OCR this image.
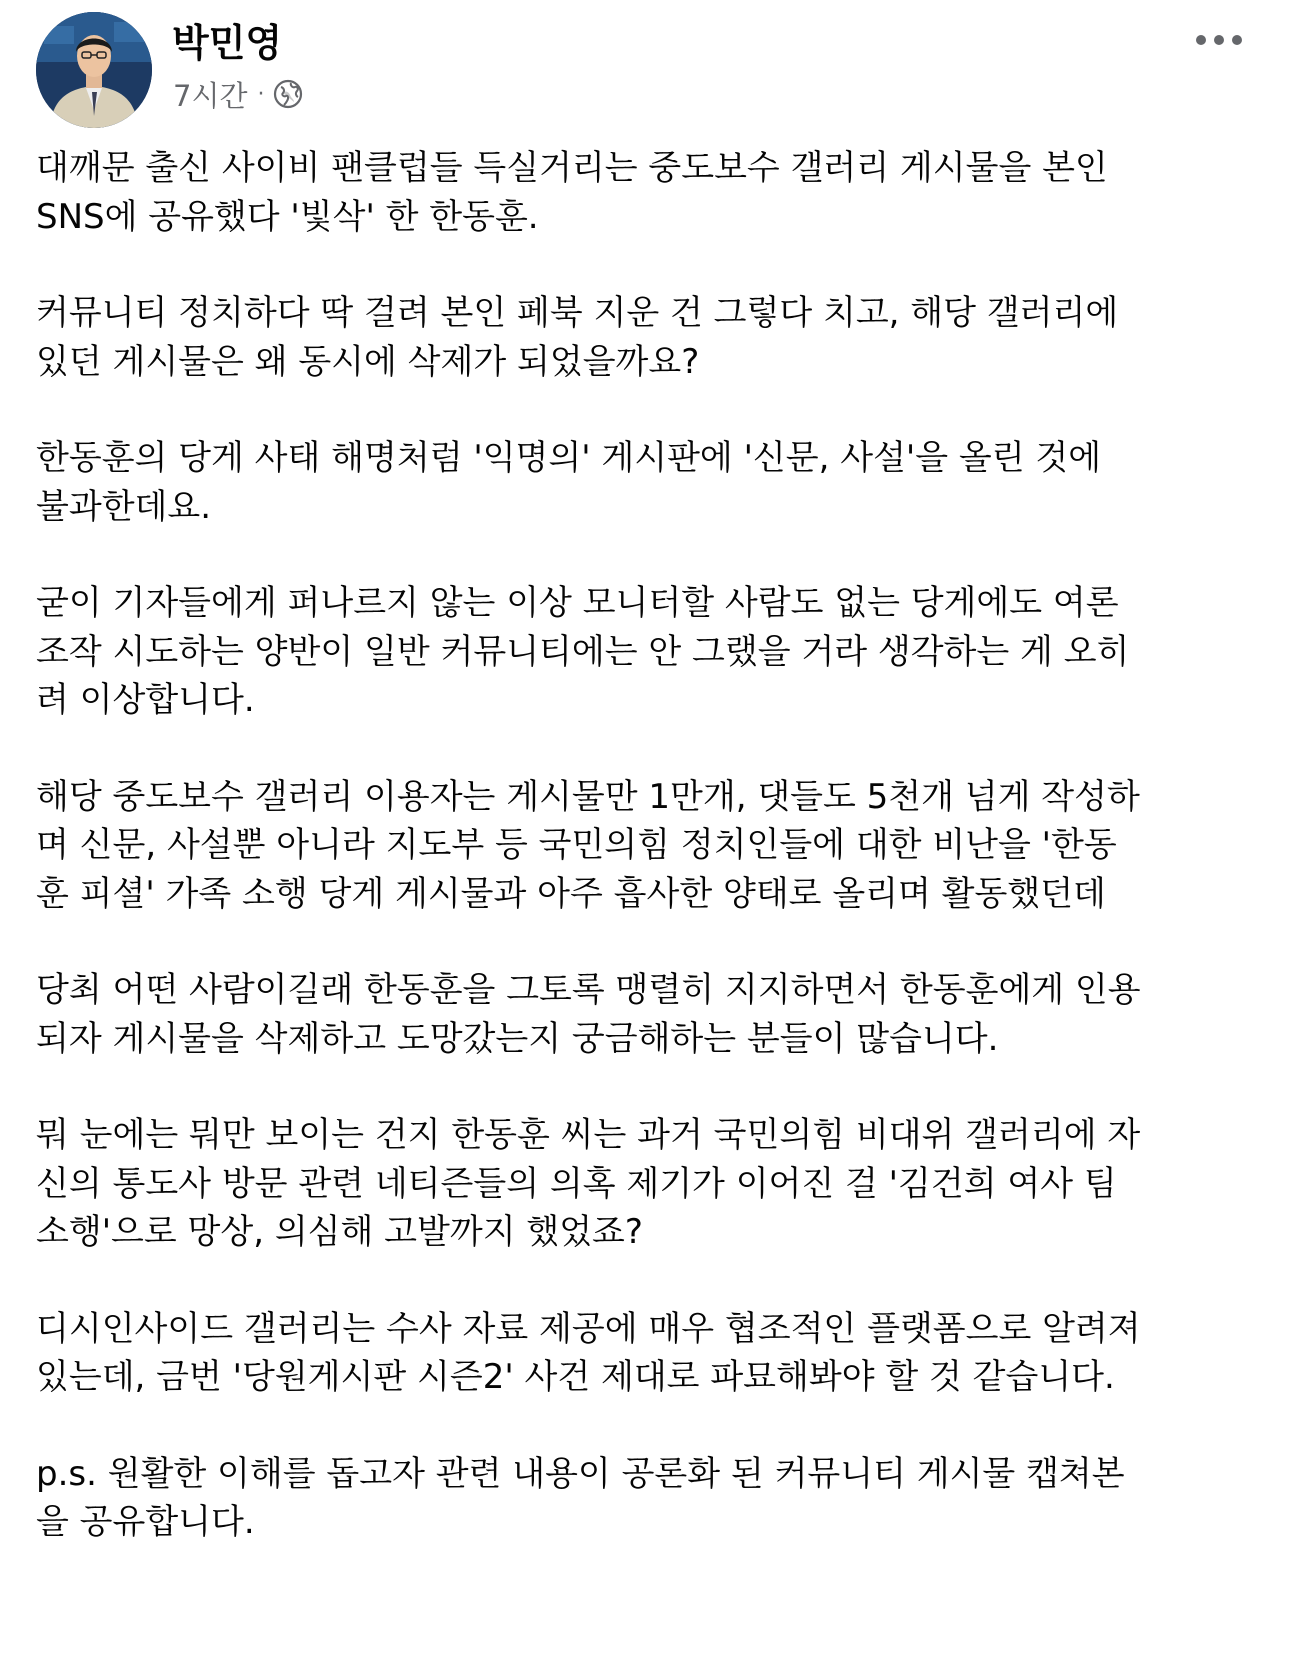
박민영
7시간 ·

대깨문 출신 사이비 팬클럽들 득실거리는 중도보수 갤러리 게시물을 본인
SNS에 공유했다 '빛삭' 한 한동훈.

커뮤니티 정치하다 딱 걸려 본인 페북 지운 건 그렇다 치고, 해당 갤러리에
있던 게시물은 왜 동시에 삭제가 되었을까요?

한동훈의 당게 사태 해명처럼 '익명의' 게시판에 '신문, 사설'을 올린 것에
불과한데요.

굳이 기자들에게 퍼나르지 않는 이상 모니터할 사람도 없는 당게에도 여론
조작 시도하는 양반이 일반 커뮤니티에는 안 그랬을 거라 생각하는 게 오히
려 이상합니다.

해당 중도보수 갤러리 이용자는 게시물만 1만개, 댓들도 5천개 넘게 작성하
며 신문, 사설뿐 아니라 지도부 등 국민의힘 정치인들에 대한 비난을 '한동
훈 피셜' 가족 소행 당게 게시물과 아주 흡사한 양태로 올리며 활동했던데

당최 어떤 사람이길래 한동훈을 그토록 맹렬히 지지하면서 한동훈에게 인용
되자 게시물을 삭제하고 도망갔는지 궁금해하는 분들이 많습니다.

뭐 눈에는 뭐만 보이는 건지 한동훈 씨는 과거 국민의힘 비대위 갤러리에 자
신의 통도사 방문 관련 네티즌들의 의혹 제기가 이어진 걸 '김건희 여사 팀
소행'으로 망상, 의심해 고발까지 했었죠?

디시인사이드 갤러리는 수사 자료 제공에 매우 협조적인 플랫폼으로 알려져
있는데, 금번 '당원게시판 시즌2' 사건 제대로 파묘해봐야 할 것 같습니다.

p.s. 원활한 이해를 돕고자 관련 내용이 공론화 된 커뮤니티 게시물 캡쳐본
을 공유합니다.
